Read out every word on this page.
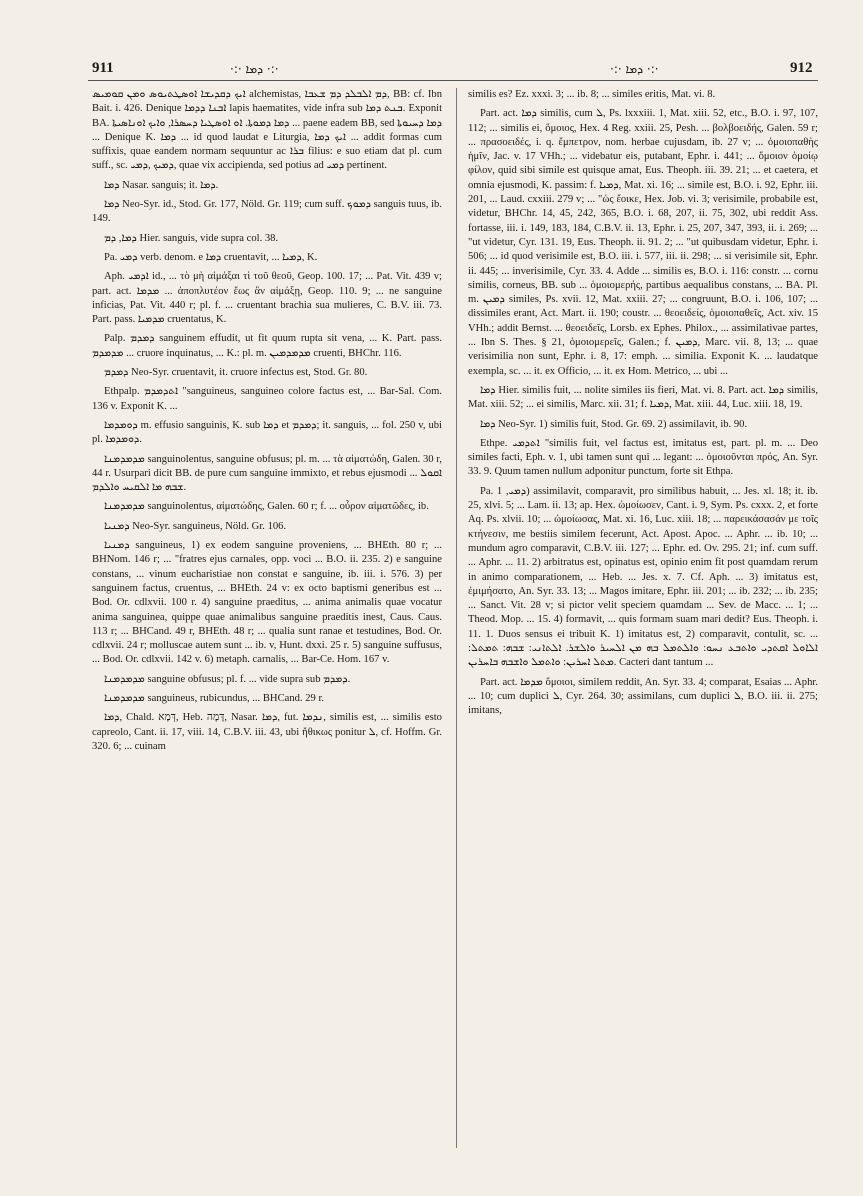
911	·:· ܕܡܐ ·:·	·:· ܕܡܐ ·:·	912

ܐܝܟ ܕܩܕܝܫܐ ܐܘܣܛܬܝܘܣ ܘܡܢ ܩܘܡܝܣ alchemistas, ܕܡ ܐܠܒܠܕ ܕܡ ܫܥܒܐ, BB: cf. Ibn Bait. i. 426. Denique ܐܒܢܐ ܕܕܡܐ lapis haematites, vide infra sub ܒܢܬ ܕܡܐ. Exponit BA. ܕܡܐ ܕܡܘܬܐ. ܐܘ ܐܘܣܛܝܐ ܕܚܣܪܐ, ܘܐܝܟ ܐܘܢܐܣܝܬܐ ... paene eadem BB, sed ܕܡܐ ܕܚܝܘܬܐ ... Denique K. ܕܡܐ ... id quod laudat e Liturgia, ܐܝܟ ܕܡܐ ... addit formas cum suffixis, quae eandem normam sequuntur ac ܒܪܐ filius: e suo etiam dat pl. cum suff., sc. ܕܡܝܟ ,ܕܡܝ, quae vix accipienda, sed potius ad ܕܡܝ pertinent.

ܕܡܐ Nasar. sanguis; it. ܕܡܐ.

ܕܡܐ Neo-Syr. id., Stod. Gr. 177, Nöld. Gr. 119; cum suff. ܕܡܘܟ sanguis tuus, ib. 149.

ܕܡܐ, ܕܡ Hier. sanguis, vide supra col. 38.

Pa. ܕܡܝ verb. denom. e ܕܡܐ cruentavit, ... ܕܡܝܐ, K.

Aph. ܐܕܡܝ id., ... τὸ μὴ αἱμάξαι τὶ τοῦ θεοῦ, Geop. 100. 17; ... Pat. Vit. 439 v; part. act. ܡܕܡܐ ... ἀποπλυτέον ἕως ἂν αἱμάξῃ, Geop. 110. 9; ... ne sanguine inficias, Pat. Vit. 440 r; pl. f. ... cruentant brachia sua mulieres, C. B.V. iii. 73. Part. pass. ܡܕܡܝܐ cruentatus, K.

Palp. ܕܡܕܡ sanguinem effudit, ut fit quum rupta sit vena, ... K. Part. pass. ܡܕܡܕܡ ... cruore inquinatus, ... K.: pl. m. ܡܕܡܕܡܝܢ cruenti, BHChr. 116.

ܕܡܕܡ Neo-Syr. cruentavit, it. cruore infectus est, Stod. Gr. 80.

Ethpalp. ܐܬܕܡܕܡ "sanguineus, sanguineo colore factus est, ... Bar-Sal. Com. 136 v. Exponit K. ...

ܕܘܡܕܡܐ m. effusio sanguinis, K. sub ܕܡܐ et ܕܡܕܡ; it. sanguis, ... fol. 250 v, ubi pl. ܕܘܡܕܡܐ.

ܡܕܡܕܡܢܐ sanguinolentus, sanguine obfusus; pl. m. ... τὰ αἱματώδη, Galen. 30 r, 44 r. Usurpari dicit BB. de pure cum sanguine immixto, et rebus ejusmodi ... ܐܩܘܠ ܫܒܗ ܡܐ ܐܠܩܝܚ ܘܐܠܕܡ.

ܡܕܡܕܡܢܐ sanguinolentus, αἱματώδης, Galen. 60 r; f. ... οὖρον αἱματῶδες, ib.

ܕܡܢܝܐ Neo-Syr. sanguineus, Nöld. Gr. 106.

ܕܡܢܝܐ sanguineus, 1) ex eodem sanguine proveniens, ... BHEth. 80 r; ... BHNom. 146 r; ... "fratres ejus carnales, opp. voci ... B.O. ii. 235. 2) e sanguine constans, ... vinum eucharistiae non constat e sanguine, ib. iii. i. 576. 3) per sanguinem factus, cruentus, ... BHEth. 24 v: ex octo baptismi generibus est ... Bod. Or. cdlxvii. 100 r. 4) sanguine praeditus, ... anima animalis quae vocatur anima sanguinea, quippe quae animalibus sanguine praeditis inest, Caus. Caus. 113 r; ... BHCand. 49 r, BHEth. 48 r; ... qualia sunt ranae et testudines, Bod. Or. cdlxvii. 24 r; molluscae autem sunt ... ib. v, Hunt. dxxi. 25 r. 5) sanguine suffusus, ... Bod. Or. cdlxvii. 142 v. 6) metaph. carnalis, ... Bar-Ce. Hom. 167 v.

ܡܕܡܕܡܢܐ sanguine obfusus; pl. f. ... vide supra sub ܕܡܕܡ.

ܡܕܡܕܡܢܐ sanguineus, rubicundus, ... BHCand. 29 r.

ܕܡܐ, Chald. דְּמָא, Heb. דָּמָה, Nasar. ܕܡܐ, fut. ܢܕܡܐ, similis est, ... similis esto capreolo, Cant. ii. 17, viii. 14, C.B.V. iii. 43, ubi ἤθικως ponitur ܠ, cf. Hoffm. Gr. 320. 6; ... cuinam

similis es? Ez. xxxi. 3; ... ib. 8; ... similes eritis, Mat. vi. 8.

Part. act. ܕܡܐ similis, cum ܠ, Ps. lxxxiii. 1, Mat. xiii. 52, etc., B.O. i. 97, 107, 112; ... similis ei, ὅμοιος, Hex. 4 Reg. xxiii. 25, Pesh. ... βολβοειδής, Galen. 59 r; ... πρασοειδές, i. q. ἔμπετρον, nom. herbae cujusdam, ib. 27 v; ... ὁμοιοπαθὴς ἡμῖν, Jac. v. 17 VHh.; ... videbatur eis, putabant, Ephr. i. 441; ... ὅμοιον ὁμοίῳ φίλον, quid sibi simile est quisque amat, Eus. Theoph. iii. 39. 21; ... et caetera, et omnia ejusmodi, K. passim: f. ܕܡܝܐ, Mat. xi. 16; ... simile est, B.O. i. 92, Ephr. iii. 201, ... Laud. cxxiii. 279 v; ... "ὡς ἔοικε, Hex. Job. vi. 3; verisimile, probabile est, videtur, BHChr. 14, 45, 242, 365, B.O. i. 68, 207, ii. 75, 302, ubi reddit Ass. fortasse, iii. i. 149, 183, 184, C.B.V. ii. 13, Ephr. i. 25, 207, 347, 393, ii. i. 269; ... "ut videtur, Cyr. 131. 19, Eus. Theoph. ii. 91. 2; ... "ut quibusdam videtur, Ephr. i. 506; ... id quod verisimile est, B.O. iii. i. 577, iii. ii. 298; ... si verisimile sit, Ephr. ii. 445; ... inverisimile, Cyr. 33. 4. Adde ... similis es, B.O. i. 116: constr. ... cornu similis, corneus, BB. sub ... ὁμοιομερής, partibus aequalibus constans, ... BA. Pl. m. ܕܡܝܢ similes, Ps. xvii. 12, Mat. xxiii. 27; ... congruunt, B.O. i. 106, 107; ... dissimiles erant, Act. Mart. ii. 190; coustr. ... θεοειδείς, ὁμοιοπαθεῖς, Act. xiv. 15 VHh.; addit Bernst. ... θεοειδεῖς, Lorsb. ex Ephes. Philox., ... assimilativae partes, ... Ibn S. Thes. § 21, ὁμοιομερεῖς, Galen.; f. ܕܡܝܢ, Marc. vii. 8, 13; ... quae verisimilia non sunt, Ephr. i. 8, 17: emph. ... similia. Exponit K. ... laudatque exempla, sc. ... it. ex Officio, ... it. ex Hom. Metrico, ... ubi ...

ܕܡܐ Hier. similis fuit, ... nolite similes iis fieri, Mat. vi. 8. Part. act. ܕܡܐ similis, Mat. xiii. 52; ... ei similis, Marc. xii. 31; f. ܕܡܝܐ, Mat. xiii. 44, Luc. xiii. 18, 19.

ܕܡܐ Neo-Syr. 1) similis fuit, Stod. Gr. 69. 2) assimilavit, ib. 90.

Ethpe. ܐܬܕܡܝ "similis fuit, vel factus est, imitatus est, part. pl. m. ... Deo similes facti, Eph. v. 1, ubi tamen sunt qui ... legant: ... ὁμοιοῦνται πρός, An. Syr. 33. 9. Quum tamen nullum adponitur punctum, forte sit Ethpa.

Pa. ܕܡܝ, 1) assimilavit, comparavit, pro similibus habuit, ... Jes. xl. 18; it. ib. 25, xlvi. 5; ... Lam. ii. 13; ap. Hex. ὡμοίωσεν, Cant. i. 9, Sym. Ps. cxxx. 2, et forte Aq. Ps. xlvii. 10; ... ὡμοίωσας, Mat. xi. 16, Luc. xiii. 18; ... παρεικάσασάν με τοῖς κτήνεσιν, me bestiis similem fecerunt, Act. Apost. Apoc. ... Aphr. ... ib. 10; ... mundum agro comparavit, C.B.V. iii. 127; ... Ephr. ed. Ov. 295. 21; inf. cum suff. ... Aphr. ... 11. 2) arbitratus est, opinatus est, opinio enim fit post quamdam rerum in animo comparationem, ... Heb. ... Jes. x. 7. Cf. Aph. ... 3) imitatus est, ἐμιμήσατο, An. Syr. 33. 13; ... Magos imitare, Ephr. iii. 201; ... ib. 232; ... ib. 235; ... Sanct. Vit. 28 v; si pictor velit speciem quamdam ... Sev. de Macc. ... 1; ... Theod. Mop. ... 15. 4) formavit, ... quis formam suam mari dedit? Eus. Theoph. i. 11. 1. Duos sensus ei tribuit K. 1) imitatus est, 2) comparavit, contulit, sc. ... ܐܠܐܘܠ ܐܩܬܕܝ ܘܐܬܒܥ ܢܚܘ: ܘܐܠܬܡܠ ܒܗ ܡܢ ܐܠܚܝܪ ܘܐܠܫܪ. ܐܠܬܐܢܝ: ܫܒܗ: ܬܡܬܠ: ܡܬܠ ܐܚܪܝܢ: ܘܐܬܡܠ ܘܐܫܒܗ ܒܐܚܪܝܢ. Cacteri dant tantum ...

Part. act. ܡܕܡܐ ὅμοιοι, similem reddit, An. Syr. 33. 4; comparat, Esaias ... Aphr. ... 10; cum duplici ܠ, Cyr. 264. 30; assimilans, cum duplici ܠ, B.O. iii. ii. 275; imitans,
